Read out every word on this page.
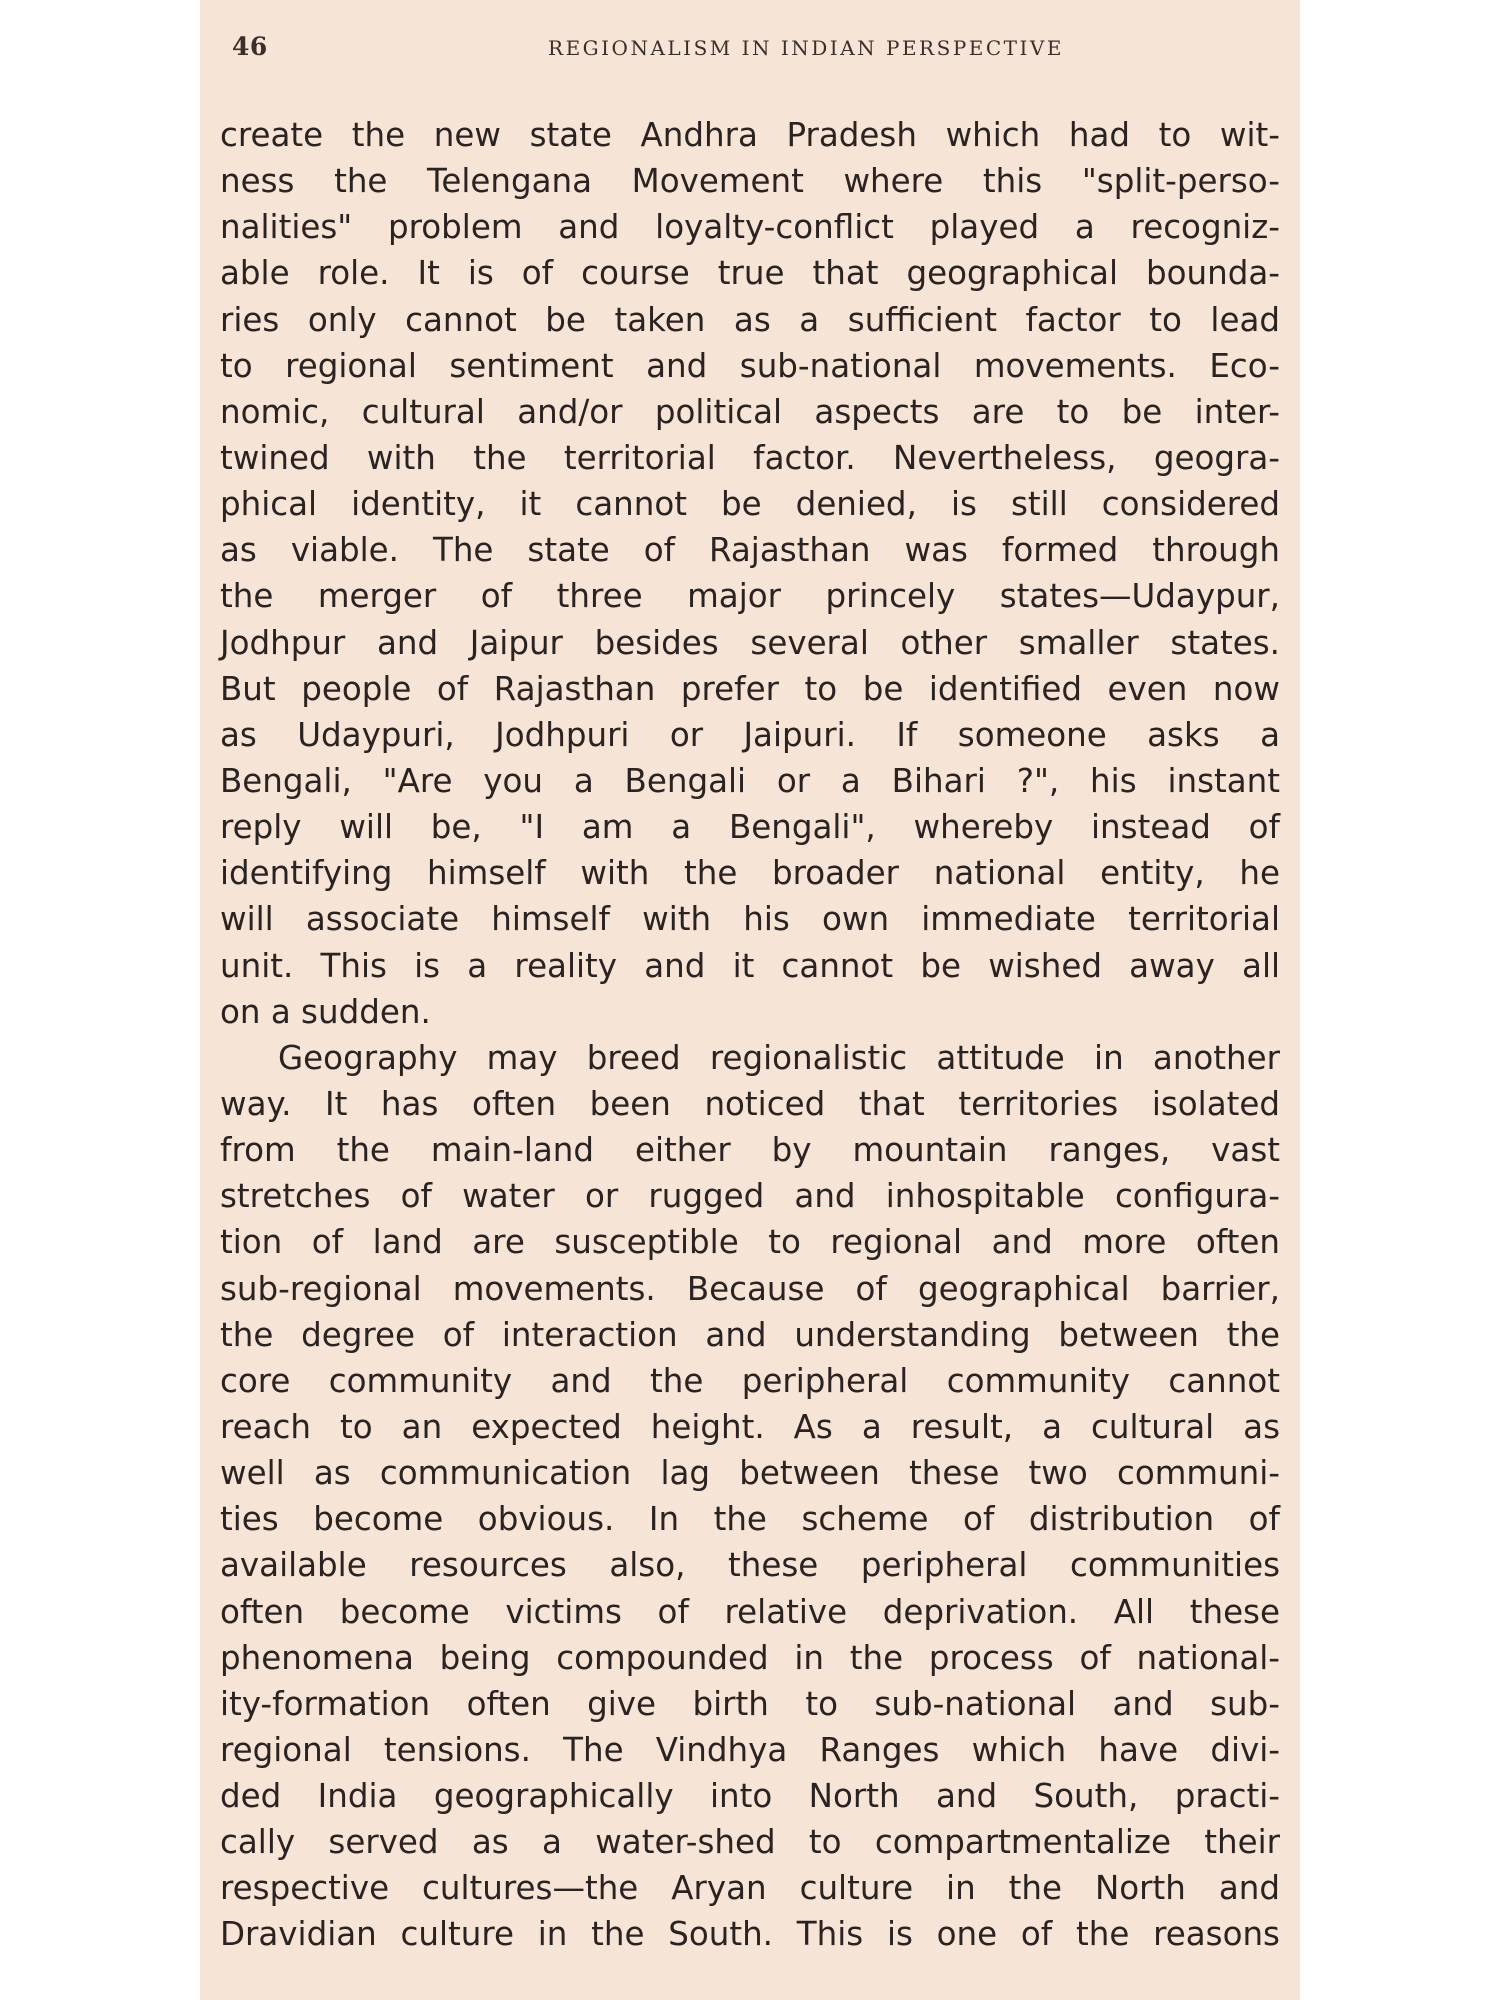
46	REGIONALISM IN INDIAN PERSPECTIVE
create the new state Andhra Pradesh which had to wit-
ness the Telengana Movement where this "split-perso-
nalities" problem and loyalty-conflict played a recogniz-
able role. It is of course true that geographical bounda-
ries only cannot be taken as a sufficient factor to lead
to regional sentiment and sub-national movements. Eco-
nomic, cultural and/or political aspects are to be inter-
twined with the territorial factor. Nevertheless, geogra-
phical identity, it cannot be denied, is still considered
as viable. The state of Rajasthan was formed through
the merger of three major princely states—Udaypur,
Jodhpur and Jaipur besides several other smaller states.
But people of Rajasthan prefer to be identified even now
as Udaypuri, Jodhpuri or Jaipuri. If someone asks a
Bengali, "Are you a Bengali or a Bihari ?", his instant
reply will be, "I am a Bengali", whereby instead of
identifying himself with the broader national entity, he
will associate himself with his own immediate territorial
unit. This is a reality and it cannot be wished away all
on a sudden.
Geography may breed regionalistic attitude in another
way. It has often been noticed that territories isolated
from the main-land either by mountain ranges, vast
stretches of water or rugged and inhospitable configura-
tion of land are susceptible to regional and more often
sub-regional movements. Because of geographical barrier,
the degree of interaction and understanding between the
core community and the peripheral community cannot
reach to an expected height. As a result, a cultural as
well as communication lag between these two communi-
ties become obvious. In the scheme of distribution of
available resources also, these peripheral communities
often become victims of relative deprivation. All these
phenomena being compounded in the process of national-
ity-formation often give birth to sub-national and sub-
regional tensions. The Vindhya Ranges which have divi-
ded India geographically into North and South, practi-
cally served as a water-shed to compartmentalize their
respective cultures—the Aryan culture in the North and
Dravidian culture in the South. This is one of the reasons
